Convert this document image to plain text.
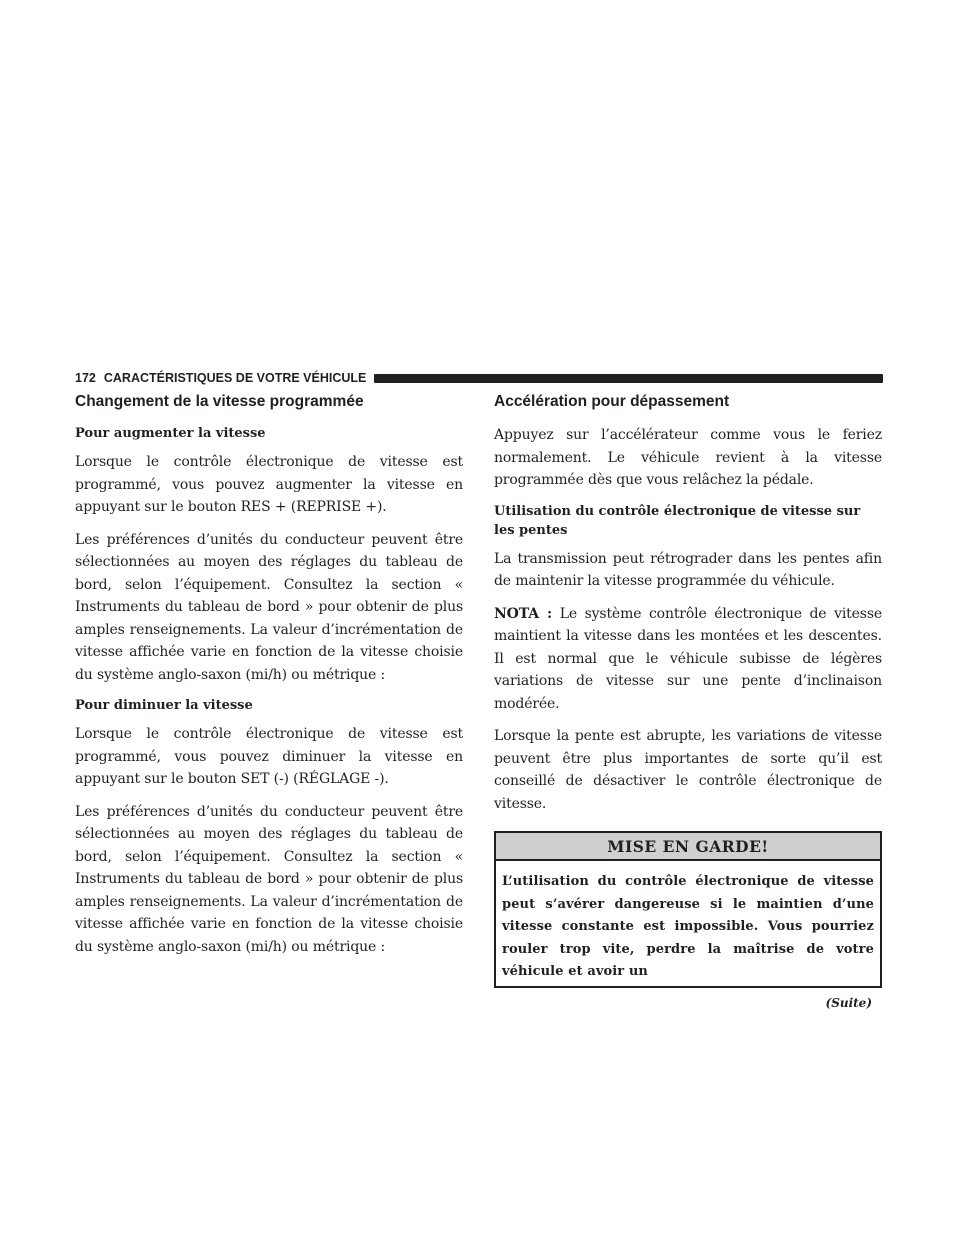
172 CARACTÉRISTIQUES DE VOTRE VÉHICULE
Changement de la vitesse programmée
Pour augmenter la vitesse

Lorsque le contrôle électronique de vitesse est programmé, vous pouvez augmenter la vitesse en appuyant sur le bouton RES + (REPRISE +).

Les préférences d’unités du conducteur peuvent être sélectionnées au moyen des réglages du tableau de bord, selon l’équipement. Consultez la section « Instruments du tableau de bord » pour obtenir de plus amples renseignements. La valeur d’incrémentation de vitesse affichée varie en fonction de la vitesse choisie du système anglo-saxon (mi/h) ou métrique :

Pour diminuer la vitesse

Lorsque le contrôle électronique de vitesse est programmé, vous pouvez diminuer la vitesse en appuyant sur le bouton SET (-) (RÉGLAGE -).

Les préférences d’unités du conducteur peuvent être sélectionnées au moyen des réglages du tableau de bord, selon l’équipement. Consultez la section « Instruments du tableau de bord » pour obtenir de plus amples renseignements. La valeur d’incrémentation de vitesse affichée varie en fonction de la vitesse choisie du système anglo-saxon (mi/h) ou métrique :

Accélération pour dépassement

Appuyez sur l’accélérateur comme vous le feriez normalement. Le véhicule revient à la vitesse programmée dès que vous relâchez la pédale.

Utilisation du contrôle électronique de vitesse sur les pentes

La transmission peut rétrograder dans les pentes afin de maintenir la vitesse programmée du véhicule.

NOTA : Le système contrôle électronique de vitesse maintient la vitesse dans les montées et les descentes. Il est normal que le véhicule subisse de légères variations de vitesse sur une pente d’inclinaison modérée.

Lorsque la pente est abrupte, les variations de vitesse peuvent être plus importantes de sorte qu’il est conseillé de désactiver le contrôle électronique de vitesse.

MISE EN GARDE!
L’utilisation du contrôle électronique de vitesse peut s’avérer dangereuse si le maintien d’une vitesse constante est impossible. Vous pourriez rouler trop vite, perdre la maîtrise de votre véhicule et avoir un
(Suite)
